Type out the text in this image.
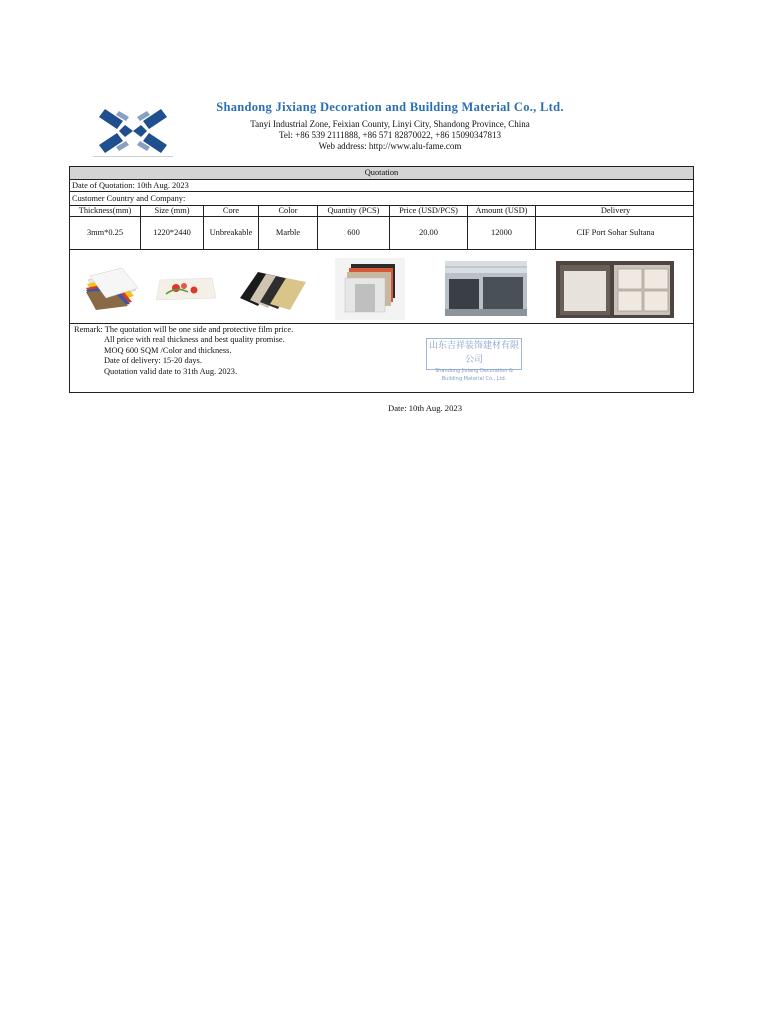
Shandong Jixiang Decoration and Building Material Co., Ltd.
Tanyi Industrial Zone, Feixian County, Linyi City, Shandong Province, China
Tel: +86 539 2111888, +86 571 82870022, +86 15090347813
Web address: http://www.alu-fame.com
Quotation
Date of Quotation: 10th Aug. 2023
Customer Country and Company:
Thickness(mm)	Size (mm)	Core	Color	Quantity (PCS)	Price (USD/PCS)	Amount (USD)	Delivery
3mm*0.25	1220*2440	Unbreakable	Marble	600	20.00	12000	CIF Port Sohar Sultana
Remark: The quotation will be one side and protective film price.
All price with real thickness and best quality promise.
MOQ 600 SQM /Color and thickness.
Date of delivery: 15-20 days.
Quotation valid date to 31th Aug. 2023.
山东吉祥装饰建材有限公司
Shandong Jixiang Decoration & Building Material Co., Ltd.
Date: 10th Aug. 2023
